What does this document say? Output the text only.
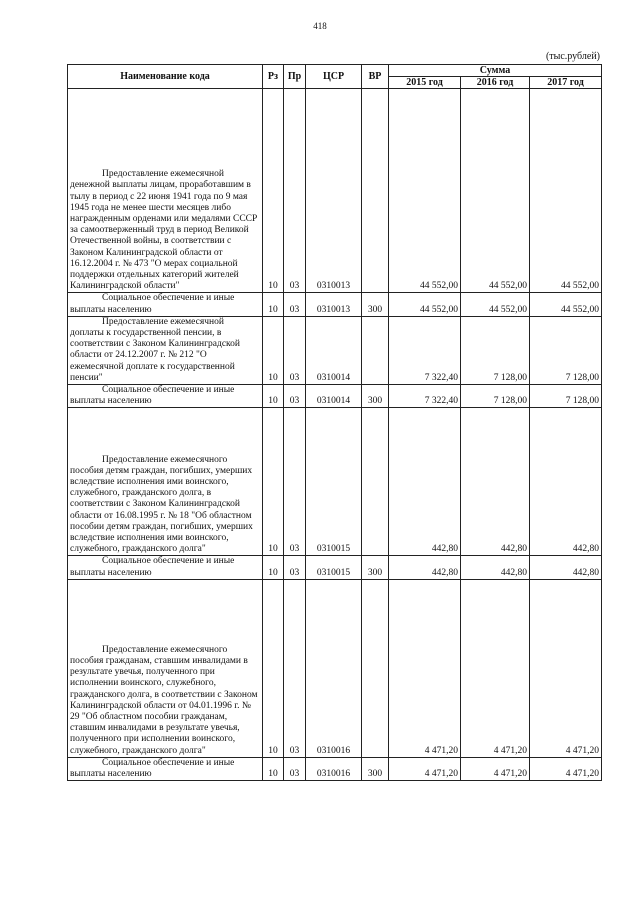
418
(тыс.рублей)
Наименование кода	Рз	Пр	ЦСР	ВР	Сумма		
					2015 год	2016 год	2017 год
Предоставление ежемесячной денежной выплаты лицам, проработавшим в тылу в период с 22 июня 1941 года по 9 мая 1945 года не менее шести месяцев либо награжденным орденами или медалями СССР за самоотверженный труд в период Великой Отечественной войны, в соответствии с Законом Калининградской области от 16.12.2004 г. № 473 "О мерах социальной поддержки отдельных категорий жителей Калининградской области"	10	03	0310013		44 552,00	44 552,00	44 552,00
Социальное обеспечение и иные выплаты населению	10	03	0310013	300	44 552,00	44 552,00	44 552,00
Предоставление ежемесячной доплаты к государственной пенсии, в соответствии с Законом Калининградской области от 24.12.2007 г. № 212 "О ежемесячной доплате к государственной пенсии"	10	03	0310014		7 322,40	7 128,00	7 128,00
Социальное обеспечение и иные выплаты населению	10	03	0310014	300	7 322,40	7 128,00	7 128,00
Предоставление ежемесячного пособия детям граждан, погибших, умерших вследствие исполнения ими воинского, служебного, гражданского долга, в соответствии с Законом Калининградской области от 16.08.1995 г. № 18 "Об областном пособии детям граждан, погибших, умерших вследствие исполнения ими воинского, служебного, гражданского долга"	10	03	0310015		442,80	442,80	442,80
Социальное обеспечение и иные выплаты населению	10	03	0310015	300	442,80	442,80	442,80
Предоставление ежемесячного пособия гражданам, ставшим инвалидами в результате увечья, полученного при исполнении воинского, служебного, гражданского долга, в соответствии с Законом Калининградской области от 04.01.1996 г. № 29 "Об областном пособии гражданам, ставшим инвалидами в результате увечья, полученного при исполнении воинского, служебного, гражданского долга"	10	03	0310016		4 471,20	4 471,20	4 471,20
Социальное обеспечение и иные выплаты населению	10	03	0310016	300	4 471,20	4 471,20	4 471,20
